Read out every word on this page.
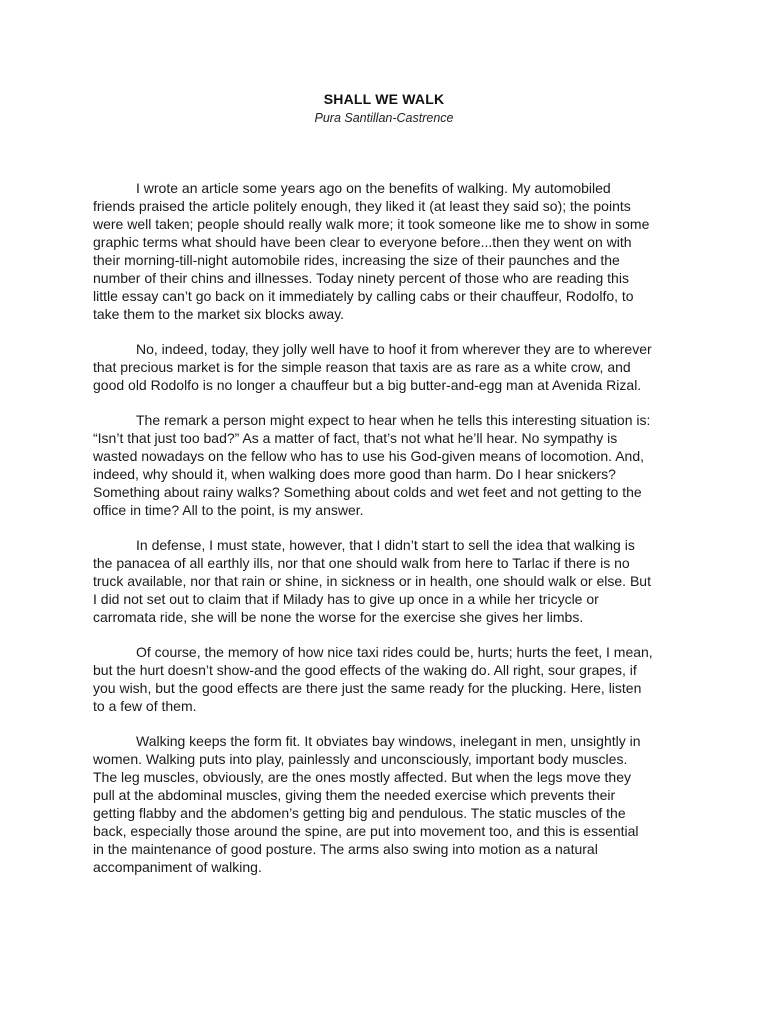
SHALL WE WALK
Pura Santillan-Castrence

I wrote an article some years ago on the benefits of walking. My automobiled friends praised the article politely enough, they liked it (at least they said so); the points were well taken; people should really walk more; it took someone like me to show in some graphic terms what should have been clear to everyone before...then they went on with their morning-till-night automobile rides, increasing the size of their paunches and the number of their chins and illnesses. Today ninety percent of those who are reading this little essay can’t go back on it immediately by calling cabs or their chauffeur, Rodolfo, to take them to the market six blocks away.

No, indeed, today, they jolly well have to hoof it from wherever they are to wherever that precious market is for the simple reason that taxis are as rare as a white crow, and good old Rodolfo is no longer a chauffeur but a big butter-and-egg man at Avenida Rizal.

The remark a person might expect to hear when he tells this interesting situation is: “Isn’t that just too bad?” As a matter of fact, that’s not what he’ll hear. No sympathy is wasted nowadays on the fellow who has to use his God-given means of locomotion. And, indeed, why should it, when walking does more good than harm. Do I hear snickers? Something about rainy walks? Something about colds and wet feet and not getting to the office in time? All to the point, is my answer.

In defense, I must state, however, that I didn’t start to sell the idea that walking is the panacea of all earthly ills, nor that one should walk from here to Tarlac if there is no truck available, nor that rain or shine, in sickness or in health, one should walk or else. But I did not set out to claim that if Milady has to give up once in a while her tricycle or carromata ride, she will be none the worse for the exercise she gives her limbs.

Of course, the memory of how nice taxi rides could be, hurts; hurts the feet, I mean, but the hurt doesn’t show-and the good effects of the waking do. All right, sour grapes, if you wish, but the good effects are there just the same ready for the plucking. Here, listen to a few of them.

Walking keeps the form fit. It obviates bay windows, inelegant in men, unsightly in women. Walking puts into play, painlessly and unconsciously, important body muscles. The leg muscles, obviously, are the ones mostly affected. But when the legs move they pull at the abdominal muscles, giving them the needed exercise which prevents their getting flabby and the abdomen’s getting big and pendulous. The static muscles of the back, especially those around the spine, are put into movement too, and this is essential in the maintenance of good posture. The arms also swing into motion as a natural accompaniment of walking.
